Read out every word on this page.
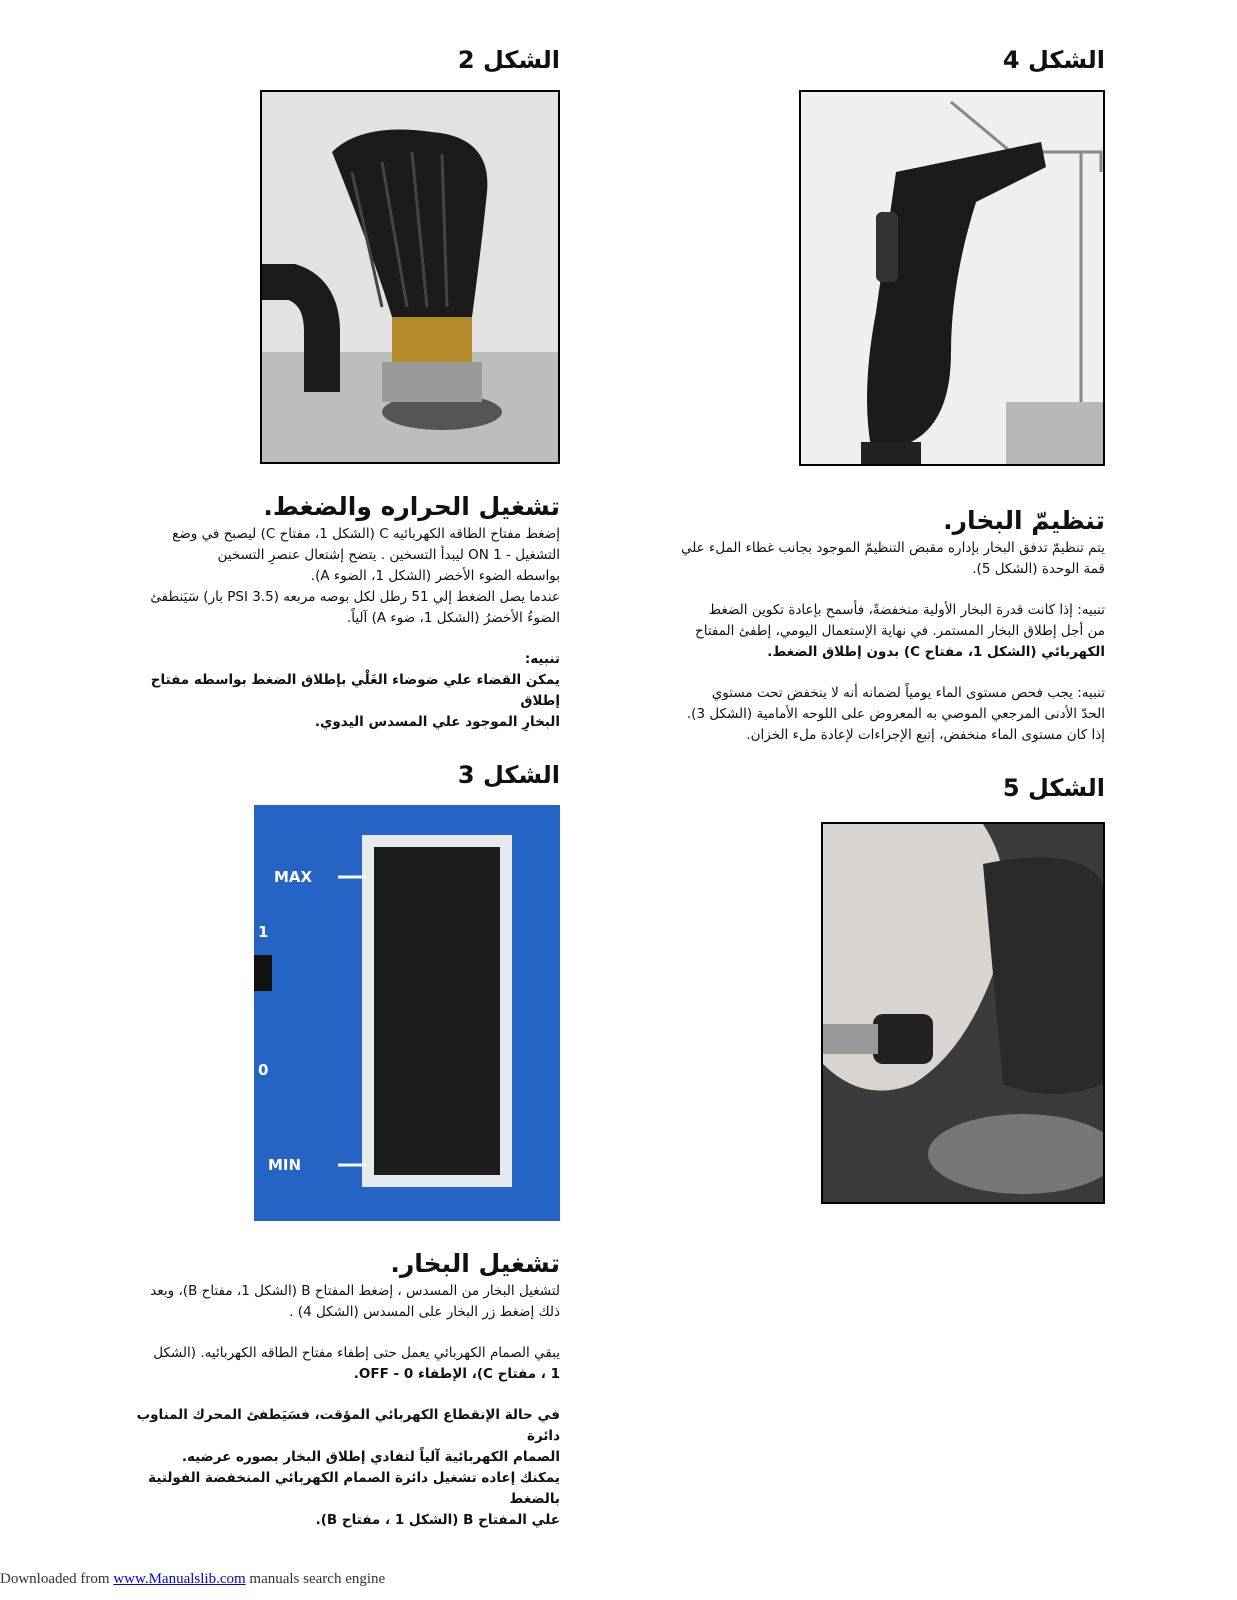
الشكل 2
تشغيل الحراره والضغط.

إضغط مفتاح الطاقه الكهربائيه C (الشكل 1، مفتاح C) ليصبح في وضع

التشغيل - ON 1 ليبدأ التسخين . يتضح إشتعال عنصرِ التسخين

بواسطه الضوء الأخضر (الشكل 1، الضوء A).

عندما يصل الضغط إلي 51 رطل لكل بوصه مربعه (3.5 PSI بار) سَيَنطفئ

الضوءُ الأخضرُ (الشكل 1، ضوء A) آلياً.

تنبيه:

يمكن القضاء علي ضوضاء الغَلْي بإطلاق الضغط بواسطه مفتاح إطلاق

البخارِ الموجود علي المسدس اليدوي.

الشكل 3
MAX
1
0
MIN
تشغيل البخار.

لتشغيل البخار من المسدس ، إضغط المفتاح B (الشكل 1، مفتاح B)، وبعد

ذلك إضغط زر البخار على المسدس (الشكل 4) .

يبقي الصمام الكهربائي يعمل حتى إطفاء مفتاح الطاقه الكهربائيه. (الشكل

1 ، مفتاح C)، الإطفاء 0 - OFF.

في حالة الإنقطاع الكهربائي المؤقت، فسَيَطفئ المحرك المناوب دائرة

الصمام الكهربائية آلياً لتفادي إطلاق البخار بصوره عرضيه.

يمكنك إعاده تشغيل دائرة الصمام الكهربائي المنخفضة الفولتية بالضغط

علي المفتاح B (الشكل 1 ، مفتاح B).

الشكل 4
تنظيمّ البخار.

يتم تنظيمّ تدفق البخار بإداره مقبض التنظيمّ الموجود بجانب غطاء الملء علي

قمة الوحدة (الشكل 5).

تنبيه: إذا كانت قدرة البخار الأولية منخفضةً، فأسمح بإعادة تكوين الضغط

من أجل إطلاق البخار المستمر. في نهاية الإستعمال اليومي، إطفئ المفتاح

الكهربائي (الشكل 1، مفتاح C) بدون إطلاق الضغط.

تنبيه: يجب فحص مستوى الماء يومياً لضمانه أنه لا ينخفض تحت مستوي

الحدّ الأدنى المرجعي الموصي به المعروض على اللوحه الأمامية (الشكل 3).

إذا كان مستوى الماء منخفض، إتبع الإجراءات لإعادة ملء الخزان.

الشكل 5
Downloaded from www.Manualslib.com manuals search engine
